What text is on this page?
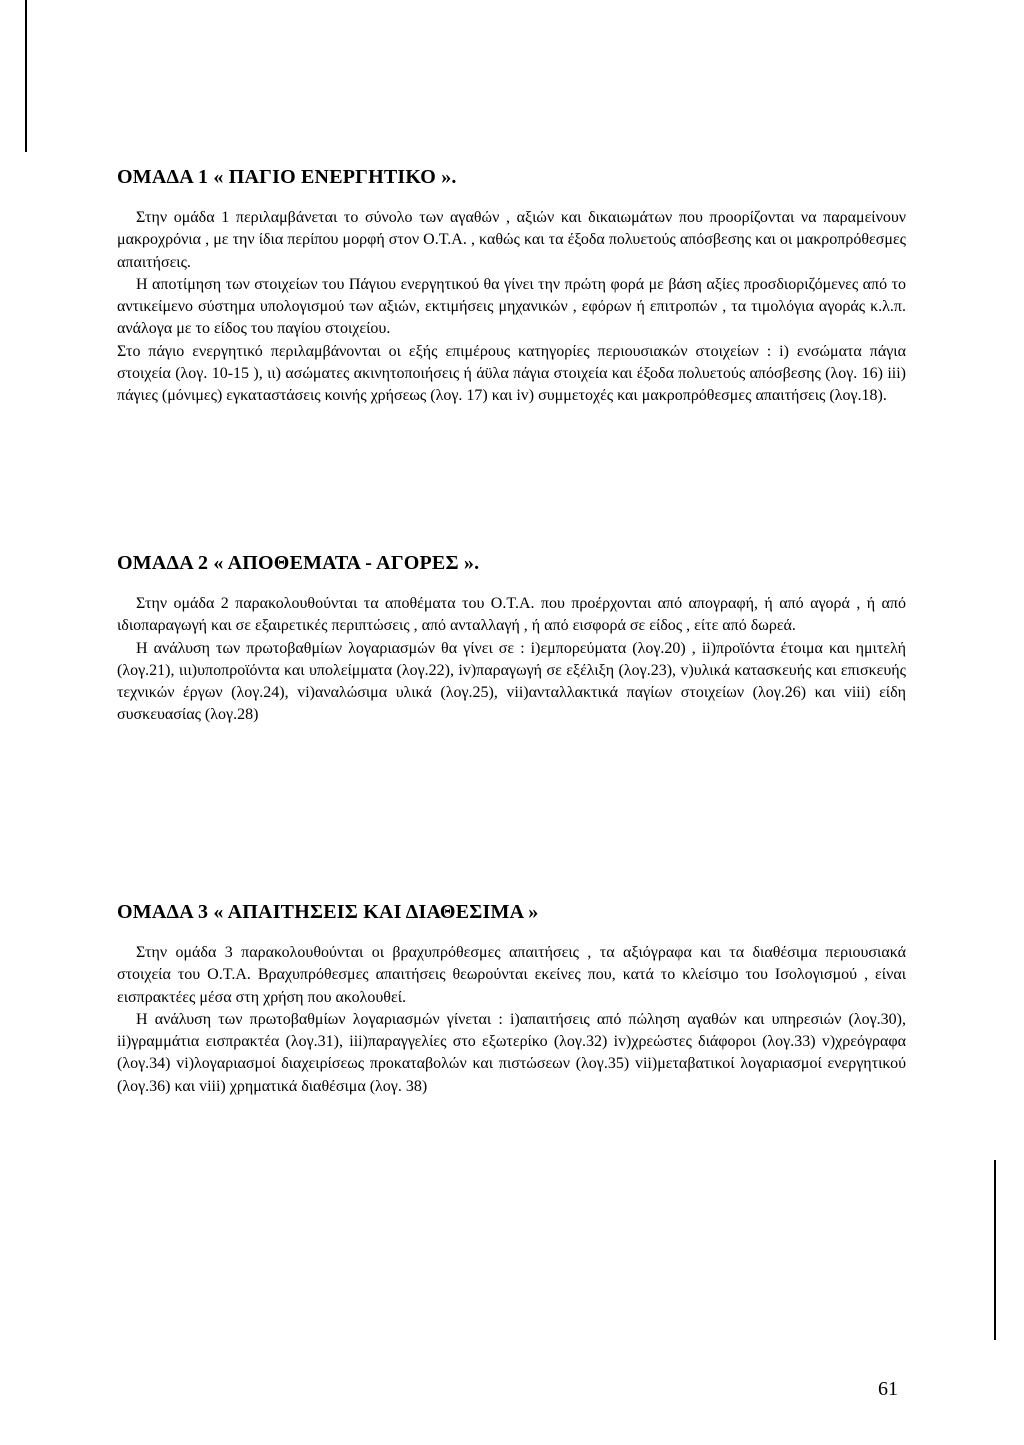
ΟΜΑΔΑ 1 « ΠΑΓΙΟ ΕΝΕΡΓΗΤΙΚΟ ».

Στην ομάδα 1 περιλαμβάνεται το σύνολο των αγαθών , αξιών και δικαιωμάτων που προορίζονται να παραμείνουν μακροχρόνια , με την ίδια περίπου μορφή στον Ο.Τ.Α. , καθώς και τα έξοδα πολυετούς απόσβεσης και οι μακροπρόθεσμες απαιτήσεις.

Η αποτίμηση των στοιχείων του Πάγιου ενεργητικού θα γίνει την πρώτη φορά με βάση αξίες προσδιοριζόμενες από το αντικείμενο σύστημα υπολογισμού των αξιών, εκτιμήσεις μηχανικών , εφόρων ή επιτροπών , τα τιμολόγια αγοράς κ.λ.π. ανάλογα με το είδος του παγίου στοιχείου.

Στο πάγιο ενεργητικό περιλαμβάνονται οι εξής επιμέρους κατηγορίες περιουσιακών στοιχείων : i) ενσώματα πάγια στοιχεία (λογ. 10-15 ), ιι) ασώματες ακινητοποιήσεις ή άϋλα πάγια στοιχεία και έξοδα πολυετούς απόσβεσης (λογ. 16) iii) πάγιες (μόνιμες) εγκαταστάσεις κοινής χρήσεως (λογ. 17) και iv) συμμετοχές και μακροπρόθεσμες απαιτήσεις (λογ.18).

ΟΜΑΔΑ 2 « ΑΠΟΘΕΜΑΤΑ - ΑΓΟΡΕΣ ».

Στην ομάδα 2 παρακολουθούνται τα αποθέματα του Ο.Τ.Α. που προέρχονται από απογραφή, ή από αγορά , ή από ιδιοπαραγωγή και σε εξαιρετικές περιπτώσεις , από ανταλλαγή , ή από εισφορά σε είδος , είτε από δωρεά.

Η ανάλυση των πρωτοβαθμίων λογαριασμών θα γίνει σε : i)εμπορεύματα (λογ.20) , ii)προϊόντα έτοιμα και ημιτελή (λογ.21), ιιι)υποπροϊόντα και υπολείμματα (λογ.22), iv)παραγωγή σε εξέλιξη (λογ.23), v)υλικά κατασκευής και επισκευής τεχνικών έργων (λογ.24), vi)αναλώσιμα υλικά (λογ.25), vii)ανταλλακτικά παγίων στοιχείων (λογ.26) και viii) είδη συσκευασίας (λογ.28)

ΟΜΑΔΑ 3 « ΑΠΑΙΤΗΣΕΙΣ ΚΑΙ ΔΙΑΘΕΣΙΜΑ »

Στην ομάδα 3 παρακολουθούνται οι βραχυπρόθεσμες απαιτήσεις , τα αξιόγραφα και τα διαθέσιμα περιουσιακά στοιχεία του Ο.Τ.Α. Βραχυπρόθεσμες απαιτήσεις θεωρούνται εκείνες που, κατά το κλείσιμο του Ισολογισμού , είναι εισπρακτέες μέσα στη χρήση που ακολουθεί.

Η ανάλυση των πρωτοβαθμίων λογαριασμών γίνεται : i)απαιτήσεις από πώληση αγαθών και υπηρεσιών (λογ.30), ii)γραμμάτια εισπρακτέα (λογ.31), iii)παραγγελίες στο εξωτερίκο (λογ.32) iv)χρεώστες διάφοροι (λογ.33) v)χρεόγραφα (λογ.34) vi)λογαριασμοί διαχειρίσεως προκαταβολών και πιστώσεων (λογ.35) vii)μεταβατικοί λογαριασμοί ενεργητικού (λογ.36) και viii) χρηματικά διαθέσιμα (λογ. 38)

61
